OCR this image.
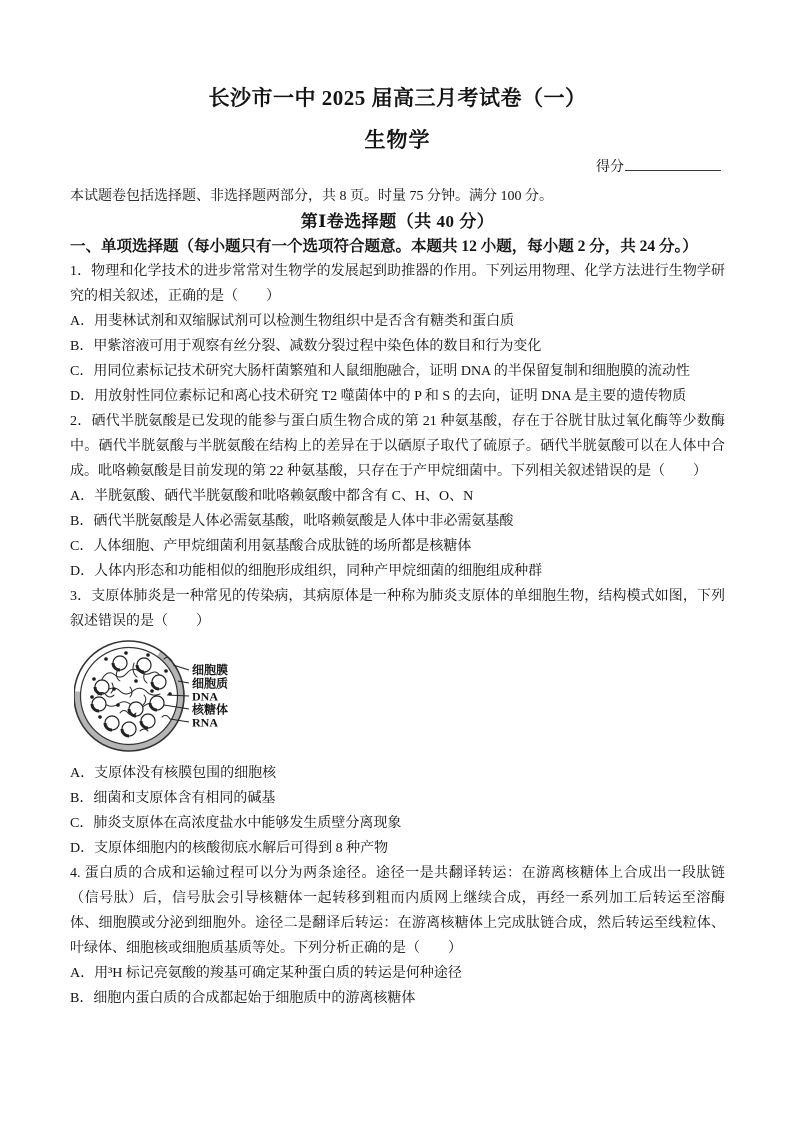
长沙市一中 2025 届高三月考试卷（一）
生物学
得分

本试题卷包括选择题、非选择题两部分，共 8 页。时量 75 分钟。满分 100 分。

第Ⅰ卷选择题（共 40 分）
一、单项选择题（每小题只有一个选项符合题意。本题共 12 小题，每小题 2 分，共 24 分。）

1．物理和化学技术的进步常常对生物学的发展起到助推器的作用。下列运用物理、化学方法进行生物学研究的相关叙述，正确的是（　　）

A．用斐林试剂和双缩脲试剂可以检测生物组织中是否含有糖类和蛋白质

B．甲紫溶液可用于观察有丝分裂、减数分裂过程中染色体的数目和行为变化

C．用同位素标记技术研究大肠杆菌繁殖和人鼠细胞融合，证明 DNA 的半保留复制和细胞膜的流动性

D．用放射性同位素标记和离心技术研究 T2 噬菌体中的 P 和 S 的去向，证明 DNA 是主要的遗传物质

2．硒代半胱氨酸是已发现的能参与蛋白质生物合成的第 21 种氨基酸，存在于谷胱甘肽过氧化酶等少数酶中。硒代半胱氨酸与半胱氨酸在结构上的差异在于以硒原子取代了硫原子。硒代半胱氨酸可以在人体中合成。吡咯赖氨酸是目前发现的第 22 种氨基酸，只存在于产甲烷细菌中。下列相关叙述错误的是（　　）

A．半胱氨酸、硒代半胱氨酸和吡咯赖氨酸中都含有 C、H、O、N

B．硒代半胱氨酸是人体必需氨基酸，吡咯赖氨酸是人体中非必需氨基酸

C．人体细胞、产甲烷细菌利用氨基酸合成肽链的场所都是核糖体

D．人体内形态和功能相似的细胞形成组织，同种产甲烷细菌的细胞组成种群

3．支原体肺炎是一种常见的传染病，其病原体是一种称为肺炎支原体的单细胞生物，结构模式如图，下列叙述错误的是（　　）

细胞膜
细胞质
DNA
核糖体
RNA

A．支原体没有核膜包围的细胞核

B．细菌和支原体含有相同的碱基

C．肺炎支原体在高浓度盐水中能够发生质壁分离现象

D．支原体细胞内的核酸彻底水解后可得到 8 种产物

4. 蛋白质的合成和运输过程可以分为两条途径。途径一是共翻译转运：在游离核糖体上合成出一段肽链（信号肽）后，信号肽会引导核糖体一起转移到粗而内质网上继续合成，再经一系列加工后转运至溶酶体、细胞膜或分泌到细胞外。途径二是翻译后转运：在游离核糖体上完成肽链合成，然后转运至线粒体、叶绿体、细胞核或细胞质基质等处。下列分析正确的是（　　）

A．用³H 标记亮氨酸的羧基可确定某种蛋白质的转运是何种途径

B．细胞内蛋白质的合成都起始于细胞质中的游离核糖体
